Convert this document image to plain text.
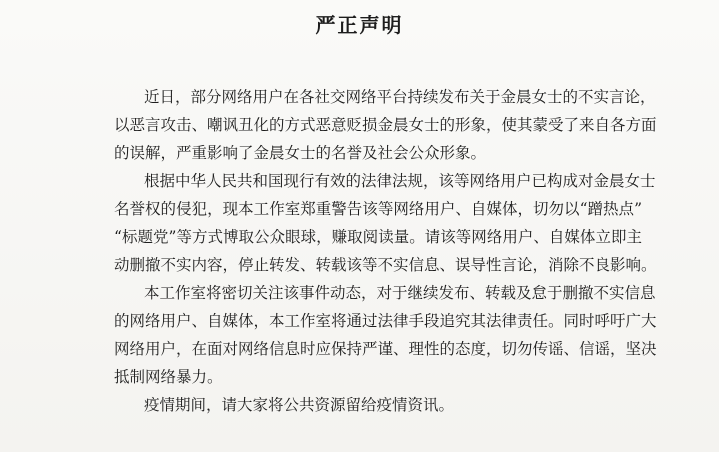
严正声明

近日，部分网络用户在各社交网络平台持续发布关于金晨女士的不实言论，
以恶言攻击、嘲讽丑化的方式恶意贬损金晨女士的形象，使其蒙受了来自各方面
的误解，严重影响了金晨女士的名誉及社会公众形象。

根据中华人民共和国现行有效的法律法规，该等网络用户已构成对金晨女士
名誉权的侵犯，现本工作室郑重警告该等网络用户、自媒体，切勿以“蹭热点”
“标题党”等方式博取公众眼球，赚取阅读量。请该等网络用户、自媒体立即主
动删撤不实内容，停止转发、转载该等不实信息、误导性言论，消除不良影响。

本工作室将密切关注该事件动态，对于继续发布、转载及怠于删撤不实信息
的网络用户、自媒体，本工作室将通过法律手段追究其法律责任。同时呼吁广大
网络用户，在面对网络信息时应保持严谨、理性的态度，切勿传谣、信谣，坚决
抵制网络暴力。

疫情期间，请大家将公共资源留给疫情资讯。
